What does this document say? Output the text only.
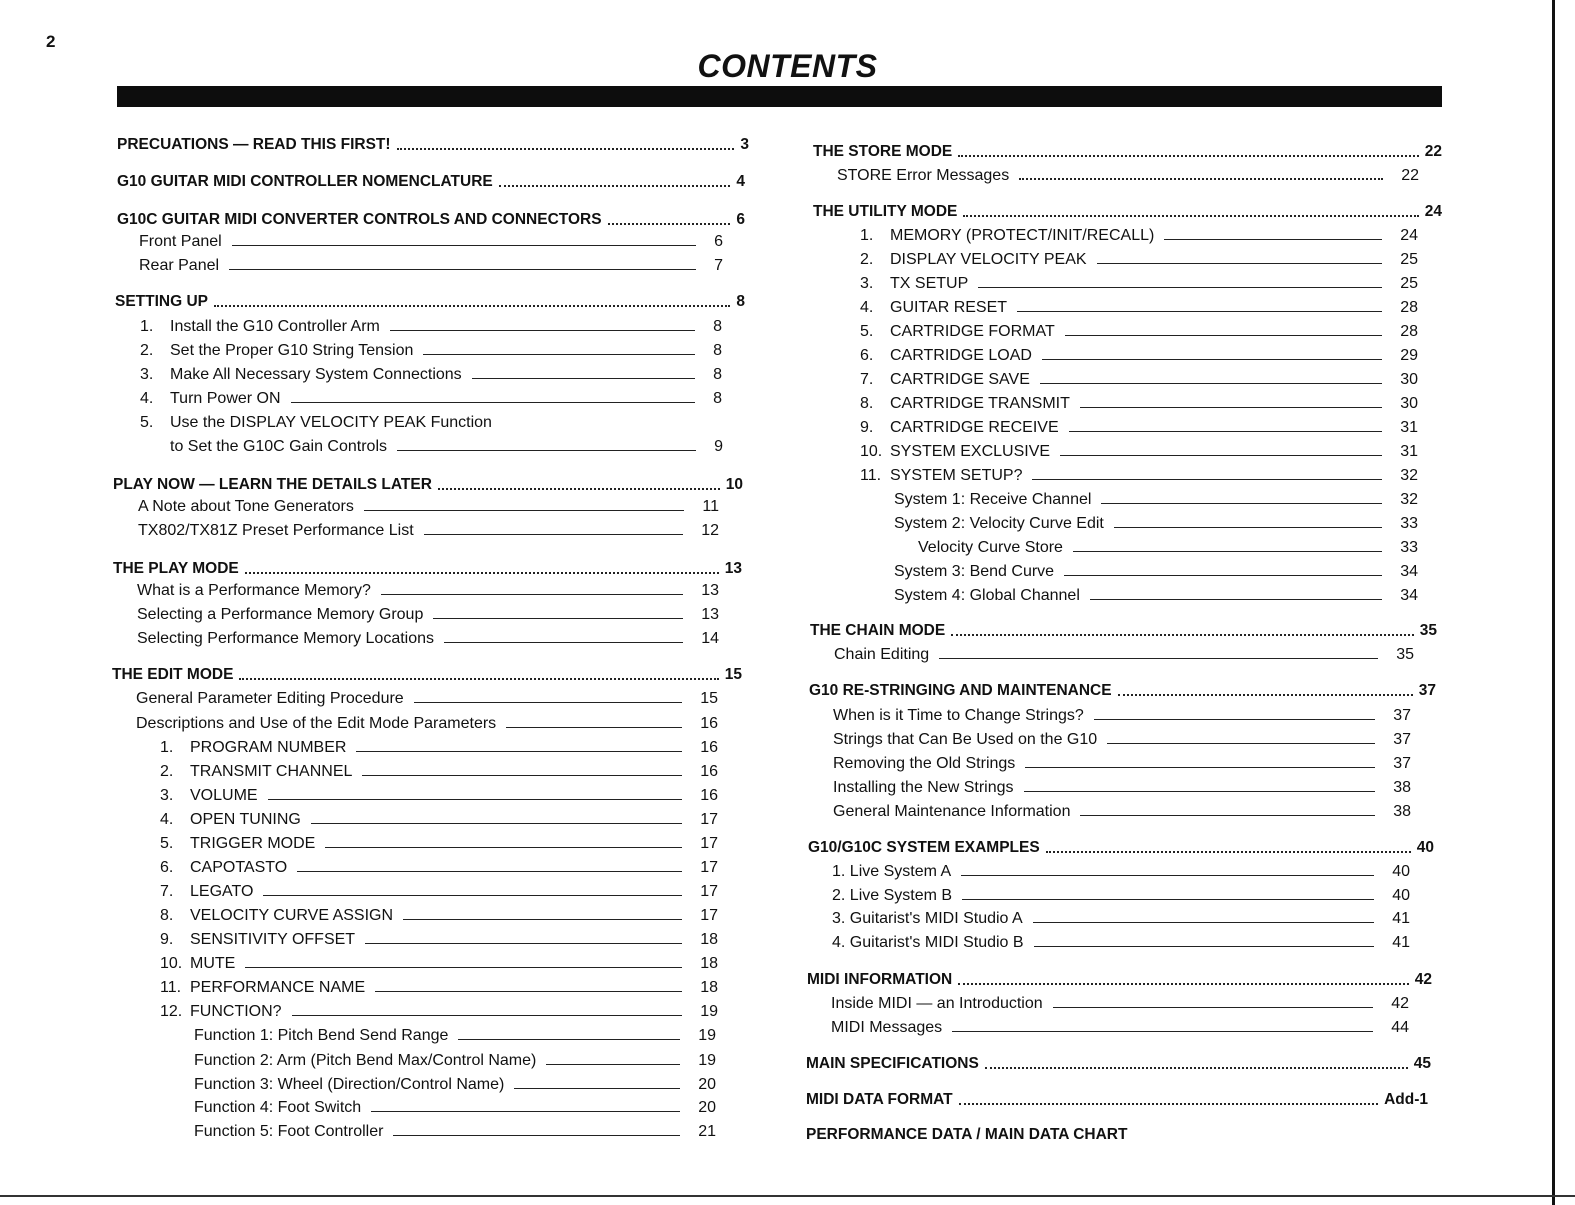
2
CONTENTS
PRECUATIONS — READ THIS FIRST!	3
G10 GUITAR MIDI CONTROLLER NOMENCLATURE	4
G10C GUITAR MIDI CONVERTER CONTROLS AND CONNECTORS	6
Front Panel	6
Rear Panel	7
SETTING UP	8
1. Install the G10 Controller Arm	8
2. Set the Proper G10 String Tension	8
3. Make All Necessary System Connections	8
4. Turn Power ON	8
5. Use the DISPLAY VELOCITY PEAK Function
to Set the G10C Gain Controls	9
PLAY NOW — LEARN THE DETAILS LATER	10
A Note about Tone Generators	11
TX802/TX81Z Preset Performance List	12
THE PLAY MODE	13
What is a Performance Memory?	13
Selecting a Performance Memory Group	13
Selecting Performance Memory Locations	14
THE EDIT MODE	15
General Parameter Editing Procedure	15
Descriptions and Use of the Edit Mode Parameters	16
1. PROGRAM NUMBER	16
2. TRANSMIT CHANNEL	16
3. VOLUME	16
4. OPEN TUNING	17
5. TRIGGER MODE	17
6. CAPOTASTO	17
7. LEGATO	17
8. VELOCITY CURVE ASSIGN	17
9. SENSITIVITY OFFSET	18
10. MUTE	18
11. PERFORMANCE NAME	18
12. FUNCTION?	19
Function 1: Pitch Bend Send Range	19
Function 2: Arm (Pitch Bend Max/Control Name)	19
Function 3: Wheel (Direction/Control Name)	20
Function 4: Foot Switch	20
Function 5: Foot Controller	21
THE STORE MODE	22
STORE Error Messages	22
THE UTILITY MODE	24
1. MEMORY (PROTECT/INIT/RECALL)	24
2. DISPLAY VELOCITY PEAK	25
3. TX SETUP	25
4. GUITAR RESET	28
5. CARTRIDGE FORMAT	28
6. CARTRIDGE LOAD	29
7. CARTRIDGE SAVE	30
8. CARTRIDGE TRANSMIT	30
9. CARTRIDGE RECEIVE	31
10. SYSTEM EXCLUSIVE	31
11. SYSTEM SETUP?	32
System 1: Receive Channel	32
System 2: Velocity Curve Edit	33
Velocity Curve Store	33
System 3: Bend Curve	34
System 4: Global Channel	34
THE CHAIN MODE	35
Chain Editing	35
G10 RE-STRINGING AND MAINTENANCE	37
When is it Time to Change Strings?	37
Strings that Can Be Used on the G10	37
Removing the Old Strings	37
Installing the New Strings	38
General Maintenance Information	38
G10/G10C SYSTEM EXAMPLES	40
1. Live System A	40
2. Live System B	40
3. Guitarist's MIDI Studio A	41
4. Guitarist's MIDI Studio B	41
MIDI INFORMATION	42
Inside MIDI — an Introduction	42
MIDI Messages	44
MAIN SPECIFICATIONS	45
MIDI DATA FORMAT	Add-1
PERFORMANCE DATA / MAIN DATA CHART
